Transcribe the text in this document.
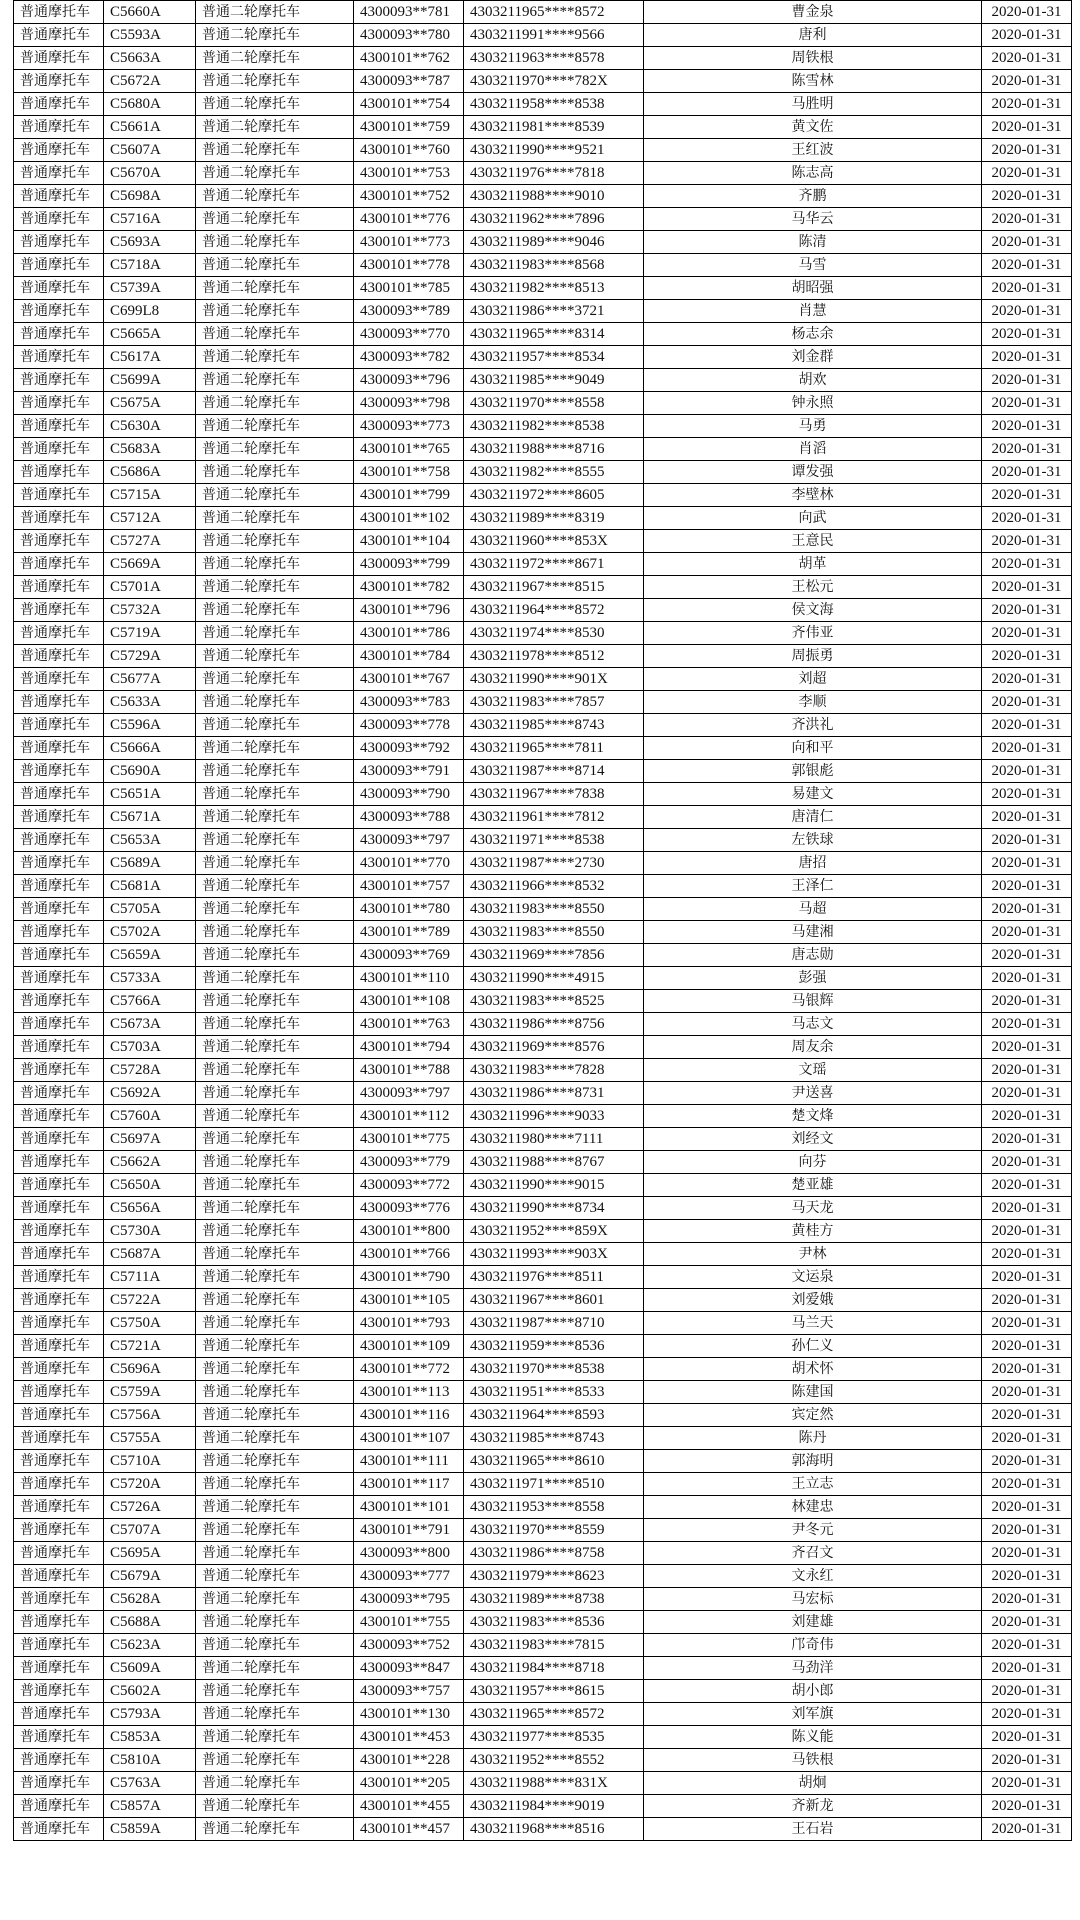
普通摩托车	C5660A	普通二轮摩托车	4300093**781	4303211965****8572	曹金泉	2020-01-31
普通摩托车	C5593A	普通二轮摩托车	4300093**780	4303211991****9566	唐利	2020-01-31
普通摩托车	C5663A	普通二轮摩托车	4300101**762	4303211963****8578	周铁根	2020-01-31
普通摩托车	C5672A	普通二轮摩托车	4300093**787	4303211970****782X	陈雪林	2020-01-31
普通摩托车	C5680A	普通二轮摩托车	4300101**754	4303211958****8538	马胜明	2020-01-31
普通摩托车	C5661A	普通二轮摩托车	4300101**759	4303211981****8539	黄文佐	2020-01-31
普通摩托车	C5607A	普通二轮摩托车	4300101**760	4303211990****9521	王红波	2020-01-31
普通摩托车	C5670A	普通二轮摩托车	4300101**753	4303211976****7818	陈志高	2020-01-31
普通摩托车	C5698A	普通二轮摩托车	4300101**752	4303211988****9010	齐鹏	2020-01-31
普通摩托车	C5716A	普通二轮摩托车	4300101**776	4303211962****7896	马华云	2020-01-31
普通摩托车	C5693A	普通二轮摩托车	4300101**773	4303211989****9046	陈清	2020-01-31
普通摩托车	C5718A	普通二轮摩托车	4300101**778	4303211983****8568	马雪	2020-01-31
普通摩托车	C5739A	普通二轮摩托车	4300101**785	4303211982****8513	胡昭强	2020-01-31
普通摩托车	C699L8	普通二轮摩托车	4300093**789	4303211986****3721	肖慧	2020-01-31
普通摩托车	C5665A	普通二轮摩托车	4300093**770	4303211965****8314	杨志余	2020-01-31
普通摩托车	C5617A	普通二轮摩托车	4300093**782	4303211957****8534	刘金群	2020-01-31
普通摩托车	C5699A	普通二轮摩托车	4300093**796	4303211985****9049	胡欢	2020-01-31
普通摩托车	C5675A	普通二轮摩托车	4300093**798	4303211970****8558	钟永照	2020-01-31
普通摩托车	C5630A	普通二轮摩托车	4300093**773	4303211982****8538	马勇	2020-01-31
普通摩托车	C5683A	普通二轮摩托车	4300101**765	4303211988****8716	肖滔	2020-01-31
普通摩托车	C5686A	普通二轮摩托车	4300101**758	4303211982****8555	谭发强	2020-01-31
普通摩托车	C5715A	普通二轮摩托车	4300101**799	4303211972****8605	李壁林	2020-01-31
普通摩托车	C5712A	普通二轮摩托车	4300101**102	4303211989****8319	向武	2020-01-31
普通摩托车	C5727A	普通二轮摩托车	4300101**104	4303211960****853X	王意民	2020-01-31
普通摩托车	C5669A	普通二轮摩托车	4300093**799	4303211972****8671	胡革	2020-01-31
普通摩托车	C5701A	普通二轮摩托车	4300101**782	4303211967****8515	王松元	2020-01-31
普通摩托车	C5732A	普通二轮摩托车	4300101**796	4303211964****8572	侯文海	2020-01-31
普通摩托车	C5719A	普通二轮摩托车	4300101**786	4303211974****8530	齐伟亚	2020-01-31
普通摩托车	C5729A	普通二轮摩托车	4300101**784	4303211978****8512	周振勇	2020-01-31
普通摩托车	C5677A	普通二轮摩托车	4300101**767	4303211990****901X	刘超	2020-01-31
普通摩托车	C5633A	普通二轮摩托车	4300093**783	4303211983****7857	李顺	2020-01-31
普通摩托车	C5596A	普通二轮摩托车	4300093**778	4303211985****8743	齐洪礼	2020-01-31
普通摩托车	C5666A	普通二轮摩托车	4300093**792	4303211965****7811	向和平	2020-01-31
普通摩托车	C5690A	普通二轮摩托车	4300093**791	4303211987****8714	郭银彪	2020-01-31
普通摩托车	C5651A	普通二轮摩托车	4300093**790	4303211967****7838	易建文	2020-01-31
普通摩托车	C5671A	普通二轮摩托车	4300093**788	4303211961****7812	唐清仁	2020-01-31
普通摩托车	C5653A	普通二轮摩托车	4300093**797	4303211971****8538	左铁球	2020-01-31
普通摩托车	C5689A	普通二轮摩托车	4300101**770	4303211987****2730	唐招	2020-01-31
普通摩托车	C5681A	普通二轮摩托车	4300101**757	4303211966****8532	王泽仁	2020-01-31
普通摩托车	C5705A	普通二轮摩托车	4300101**780	4303211983****8550	马超	2020-01-31
普通摩托车	C5702A	普通二轮摩托车	4300101**789	4303211983****8550	马建湘	2020-01-31
普通摩托车	C5659A	普通二轮摩托车	4300093**769	4303211969****7856	唐志勋	2020-01-31
普通摩托车	C5733A	普通二轮摩托车	4300101**110	4303211990****4915	彭强	2020-01-31
普通摩托车	C5766A	普通二轮摩托车	4300101**108	4303211983****8525	马银辉	2020-01-31
普通摩托车	C5673A	普通二轮摩托车	4300101**763	4303211986****8756	马志文	2020-01-31
普通摩托车	C5703A	普通二轮摩托车	4300101**794	4303211969****8576	周友余	2020-01-31
普通摩托车	C5728A	普通二轮摩托车	4300101**788	4303211983****7828	文瑶	2020-01-31
普通摩托车	C5692A	普通二轮摩托车	4300093**797	4303211986****8731	尹送喜	2020-01-31
普通摩托车	C5760A	普通二轮摩托车	4300101**112	4303211996****9033	楚文烽	2020-01-31
普通摩托车	C5697A	普通二轮摩托车	4300101**775	4303211980****7111	刘经文	2020-01-31
普通摩托车	C5662A	普通二轮摩托车	4300093**779	4303211988****8767	向芬	2020-01-31
普通摩托车	C5650A	普通二轮摩托车	4300093**772	4303211990****9015	楚亚雄	2020-01-31
普通摩托车	C5656A	普通二轮摩托车	4300093**776	4303211990****8734	马天龙	2020-01-31
普通摩托车	C5730A	普通二轮摩托车	4300101**800	4303211952****859X	黄桂方	2020-01-31
普通摩托车	C5687A	普通二轮摩托车	4300101**766	4303211993****903X	尹林	2020-01-31
普通摩托车	C5711A	普通二轮摩托车	4300101**790	4303211976****8511	文运泉	2020-01-31
普通摩托车	C5722A	普通二轮摩托车	4300101**105	4303211967****8601	刘爱娥	2020-01-31
普通摩托车	C5750A	普通二轮摩托车	4300101**793	4303211987****8710	马兰天	2020-01-31
普通摩托车	C5721A	普通二轮摩托车	4300101**109	4303211959****8536	孙仁义	2020-01-31
普通摩托车	C5696A	普通二轮摩托车	4300101**772	4303211970****8538	胡术怀	2020-01-31
普通摩托车	C5759A	普通二轮摩托车	4300101**113	4303211951****8533	陈建国	2020-01-31
普通摩托车	C5756A	普通二轮摩托车	4300101**116	4303211964****8593	宾定然	2020-01-31
普通摩托车	C5755A	普通二轮摩托车	4300101**107	4303211985****8743	陈丹	2020-01-31
普通摩托车	C5710A	普通二轮摩托车	4300101**111	4303211965****8610	郭海明	2020-01-31
普通摩托车	C5720A	普通二轮摩托车	4300101**117	4303211971****8510	王立志	2020-01-31
普通摩托车	C5726A	普通二轮摩托车	4300101**101	4303211953****8558	林建忠	2020-01-31
普通摩托车	C5707A	普通二轮摩托车	4300101**791	4303211970****8559	尹冬元	2020-01-31
普通摩托车	C5695A	普通二轮摩托车	4300093**800	4303211986****8758	齐召文	2020-01-31
普通摩托车	C5679A	普通二轮摩托车	4300093**777	4303211979****8623	文永红	2020-01-31
普通摩托车	C5628A	普通二轮摩托车	4300093**795	4303211989****8738	马宏标	2020-01-31
普通摩托车	C5688A	普通二轮摩托车	4300101**755	4303211983****8536	刘建雄	2020-01-31
普通摩托车	C5623A	普通二轮摩托车	4300093**752	4303211983****7815	邝奇伟	2020-01-31
普通摩托车	C5609A	普通二轮摩托车	4300093**847	4303211984****8718	马劲洋	2020-01-31
普通摩托车	C5602A	普通二轮摩托车	4300093**757	4303211957****8615	胡小郎	2020-01-31
普通摩托车	C5793A	普通二轮摩托车	4300101**130	4303211965****8572	刘军旗	2020-01-31
普通摩托车	C5853A	普通二轮摩托车	4300101**453	4303211977****8535	陈义能	2020-01-31
普通摩托车	C5810A	普通二轮摩托车	4300101**228	4303211952****8552	马铁根	2020-01-31
普通摩托车	C5763A	普通二轮摩托车	4300101**205	4303211988****831X	胡炯	2020-01-31
普通摩托车	C5857A	普通二轮摩托车	4300101**455	4303211984****9019	齐新龙	2020-01-31
普通摩托车	C5859A	普通二轮摩托车	4300101**457	4303211968****8516	王石岩	2020-01-31
